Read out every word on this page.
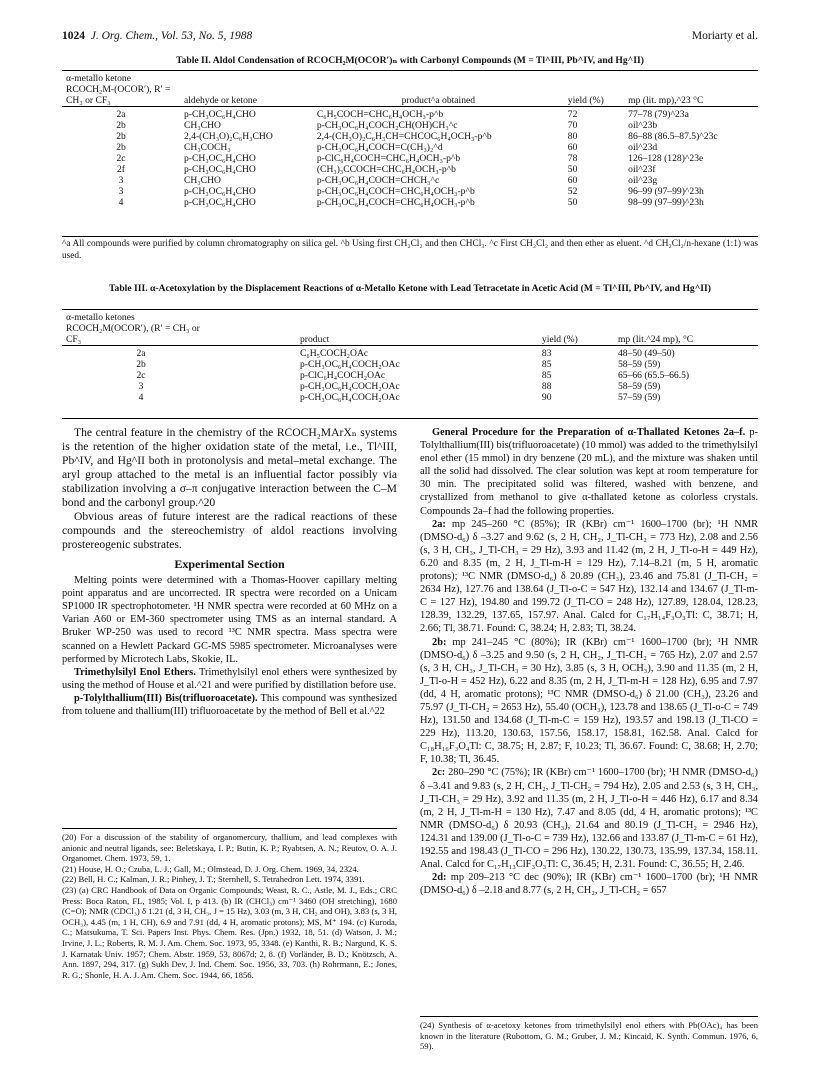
1024 J. Org. Chem., Vol. 53, No. 5, 1988	Moriarty et al.
Table II. Aldol Condensation of RCOCH₂M(OCOR′)ₙ with Carbonyl Compounds (M = Tl^III, Pb^IV, and Hg^II)
α-metallo ketone RCOCH₂M-(OCOR′), R′ = CH₃ or CF₃	aldehyde or ketone	product^a obtained	yield (%)	mp (lit. mp),^23 °C
2a	p-CH₃OC₆H₄CHO	C₆H₅COCH=CHC₆H₄OCH₃-p^b	72	77–78 (79)^23a
2b	CH₃CHO	p-CH₃OC₆H₄COCH₂CH(OH)CH₃^c	70	oil^23b
2b	2,4-(CH₃O)₂C₆H₃CHO	2,4-(CH₃O)₂C₆H₃CH=CHCOC₆H₄OCH₃-p^b	80	86–88 (86.5–87.5)^23c
2b	CH₃COCH₃	p-CH₃OC₆H₄COCH=C(CH₃)₂^d	60	oil^23d
2c	p-CH₃OC₆H₄CHO	p-ClC₆H₄COCH=CHC₆H₄OCH₃-p^b	78	126–128 (128)^23e
2f	p-CH₃OC₆H₄CHO	(CH₃)₃CCOCH=CHC₆H₄OCH₃-p^b	50	oil^23f
3	CH₃CHO	p-CH₃OC₆H₄COCH=CHCH₃^c	60	oil^23g
3	p-CH₃OC₆H₄CHO	p-CH₃OC₆H₄COCH=CHC₆H₄OCH₃-p^b	52	96–99 (97–99)^23h
4	p-CH₃OC₆H₄CHO	p-CH₃OC₆H₄COCH=CHC₆H₄OCH₃-p^b	50	98–99 (97–99)^23h
^a All compounds were purified by column chromatography on silica gel. ^b Using first CH₂Cl₂ and then CHCl₃. ^c First CH₂Cl₂ and then ether as eluent. ^d CH₂Cl₂/n-hexane (1:1) was used.
Table III. α-Acetoxylation by the Displacement Reactions of α-Metallo Ketone with Lead Tetracetate in Acetic Acid (M = Tl^III, Pb^IV, and Hg^II)
α-metallo ketones RCOCH₂M(OCOR′), (R′ = CH₃ or CF₃	product	yield (%)	mp (lit.^24 mp), °C
2a	C₆H₅COCH₂OAc	83	48–50 (49–50)
2b	p-CH₃OC₆H₄COCH₂OAc	85	58–59 (59)
2c	p-ClC₆H₄COCH₂OAc	85	65–66 (65.5–66.5)
3	p-CH₃OC₆H₄COCH₂OAc	88	58–59 (59)
4	p-CH₃OC₆H₄COCH₂OAc	90	57–59 (59)

The central feature in the chemistry of the RCOCH₂MArXₙ systems is the retention of the higher oxidation state of the metal, i.e., Tl^III, Pb^IV, and Hg^II both in protonolysis and metal–metal exchange. The aryl group attached to the metal is an influential factor possibly via stabilization involving a σ–π conjugative interaction between the C–M bond and the carbonyl group.^20

Obvious areas of future interest are the radical reactions of these compounds and the stereochemistry of aldol reactions involving prostereogenic substrates.

Experimental Section

Melting points were determined with a Thomas-Hoover capillary melting point apparatus and are uncorrected. IR spectra were recorded on a Unicam SP1000 IR spectrophotometer. ¹H NMR spectra were recorded at 60 MHz on a Varian A60 or EM-360 spectrometer using TMS as an internal standard. A Bruker WP-250 was used to record ¹³C NMR spectra. Mass spectra were scanned on a Hewlett Packard GC-MS 5985 spectrometer. Microanalyses were performed by Microtech Labs, Skokie, IL.

Trimethylsilyl Enol Ethers. Trimethylsilyl enol ethers were synthesized by using the method of House et al.^21 and were purified by distillation before use.

p-Tolylthallium(III) Bis(trifluoroacetate). This compound was synthesized from toluene and thallium(III) trifluoroacetate by the method of Bell et al.^22

(20) For a discussion of the stability of organomercury, thallium, and lead complexes with anionic and neutral ligands, see: Beletskaya, I. P.; Butin, K. P.; Ryabtsen, A. N.; Reutov, O. A. J. Organomet. Chem. 1973, 59, 1.

(21) House, H. O.; Czuba, L. J.; Gall, M.; Olmstead, D. J. Org. Chem. 1969, 34, 2324.

(22) Bell, H. C.; Kalman, J. R.; Pinhey, J. T.; Sternhell, S. Tetrahedron Lett. 1974, 3391.

(23) (a) CRC Handbook of Data on Organic Compounds; Weast, R. C., Astle, M. J., Eds.; CRC Press: Boca Raton, FL, 1985; Vol. I, p 413. (b) IR (CHCl₃) cm⁻¹ 3460 (OH stretching), 1680 (C=O); NMR (CDCl₃) δ 1.21 (d, 3 H, CH₃, J = 15 Hz), 3.03 (m, 3 H, CH₂ and OH), 3.83 (s, 3 H, OCH₃), 4.45 (m, 1 H, CH), 6.9 and 7.91 (dd, 4 H, aromatic protons); MS, M⁺ 194. (c) Kuroda, C.; Matsukuma, T. Sci. Papers Inst. Phys. Chem. Res. (Jpn.) 1932, 18, 51. (d) Watson, J. M.; Irvine, J. L.; Roberts, R. M. J. Am. Chem. Soc. 1973, 95, 3348. (e) Kanthi, R. B.; Nargund, K. S. J. Karnatak Univ. 1957; Chem. Abstr. 1959, 53, 8067d; 2, 8. (f) Vorländer, B. D.; Knötzsch, A. Ann. 1897, 294, 317. (g) Sukh Dev, J. Ind. Chem. Soc. 1956, 33, 703. (h) Rohrmann, E.; Jones, R. G.; Shonle, H. A. J. Am. Chem. Soc. 1944, 66, 1856.

General Procedure for the Preparation of α-Thallated Ketones 2a–f. p-Tolylthallium(III) bis(trifluoroacetate) (10 mmol) was added to the trimethylsilyl enol ether (15 mmol) in dry benzene (20 mL), and the mixture was shaken until all the solid had dissolved. The clear solution was kept at room temperature for 30 min. The precipitated solid was filtered, washed with benzene, and crystallized from methanol to give α-thallated ketone as colorless crystals. Compounds 2a–f had the following properties.

2a: mp 245–260 °C (85%); IR (KBr) cm⁻¹ 1600–1700 (br); ¹H NMR (DMSO-d₆) δ –3.27 and 9.62 (s, 2 H, CH₂, J_Tl-CH₂ = 773 Hz), 2.08 and 2.56 (s, 3 H, CH₃, J_Tl-CH₃ = 29 Hz), 3.93 and 11.42 (m, 2 H, J_Tl-o-H = 449 Hz), 6.20 and 8.35 (m, 2 H, J_Tl-m-H = 129 Hz), 7.14–8.21 (m, 5 H, aromatic protons); ¹³C NMR (DMSO-d₆) δ 20.89 (CH₃), 23.46 and 75.81 (J_Tl-CH₂ = 2634 Hz), 127.76 and 138.64 (J_Tl-o-C = 547 Hz), 132.14 and 134.67 (J_Tl-m-C = 127 Hz), 194.80 and 199.72 (J_Tl-CO = 248 Hz), 127.89, 128.04, 128.23, 128.39, 132.29, 137.65, 157.97. Anal. Calcd for C₁₇H₁₄F₃O₃Tl: C, 38.71; H, 2.66; Tl, 38.71. Found: C, 38.24; H, 2.83; Tl, 38.24.

2b: mp 241–245 °C (80%); IR (KBr) cm⁻¹ 1600–1700 (br); ¹H NMR (DMSO-d₆) δ –3.25 and 9.50 (s, 2 H, CH₂, J_Tl-CH₂ = 765 Hz), 2.07 and 2.57 (s, 3 H, CH₃, J_Tl-CH₃ = 30 Hz), 3.85 (s, 3 H, OCH₃), 3.90 and 11.35 (m, 2 H, J_Tl-o-H = 452 Hz), 6.22 and 8.35 (m, 2 H, J_Tl-m-H = 128 Hz), 6.95 and 7.97 (dd, 4 H, aromatic protons); ¹³C NMR (DMSO-d₆) δ 21.00 (CH₃), 23.26 and 75.97 (J_Tl-CH₂ = 2653 Hz), 55.40 (OCH₃), 123.78 and 138.65 (J_Tl-o-C = 749 Hz), 131.50 and 134.68 (J_Tl-m-C = 159 Hz), 193.57 and 198.13 (J_Tl-CO = 229 Hz), 113.20, 130.63, 157.56, 158.17, 158.81, 162.58. Anal. Calcd for C₁₈H₁₆F₃O₄Tl: C, 38.75; H, 2.87; F, 10.23; Tl, 36.67. Found: C, 38.68; H, 2.70; F, 10.38; Tl, 36.45.

2c: 280–290 °C (75%); IR (KBr) cm⁻¹ 1600–1700 (br); ¹H NMR (DMSO-d₆) δ –3.41 and 9.83 (s, 2 H, CH₂, J_Tl-CH₂ = 794 Hz), 2.05 and 2.53 (s, 3 H, CH₃, J_Tl-CH₃ = 29 Hz), 3.92 and 11.35 (m, 2 H, J_Tl-o-H = 446 Hz), 6.17 and 8.34 (m, 2 H, J_Tl-m-H = 130 Hz), 7.47 and 8.05 (dd, 4 H, aromatic protons); ¹³C NMR (DMSO-d₆) δ 20.93 (CH₃), 21.64 and 80.19 (J_Tl-CH₂ = 2946 Hz), 124.31 and 139.00 (J_Tl-o-C = 739 Hz), 132.66 and 133.87 (J_Tl-m-C = 61 Hz), 192.55 and 198.43 (J_Tl-CO = 296 Hz), 130.22, 130.73, 135.99, 137.34, 158.11. Anal. Calcd for C₁₇H₁₃ClF₃O₃Tl: C, 36.45; H, 2.31. Found: C, 36.55; H, 2.46.

2d: mp 209–213 °C dec (90%); IR (KBr) cm⁻¹ 1600–1700 (br); ¹H NMR (DMSO-d₆) δ –2.18 and 8.77 (s, 2 H, CH₂, J_Tl-CH₂ = 657

(24) Synthesis of α-acetoxy ketones from trimethylsilyl enol ethers with Pb(OAc)₄ has been known in the literature (Rubottom, G. M.; Gruber, J. M.; Kincaid, K. Synth. Commun. 1976, 6, 59).
